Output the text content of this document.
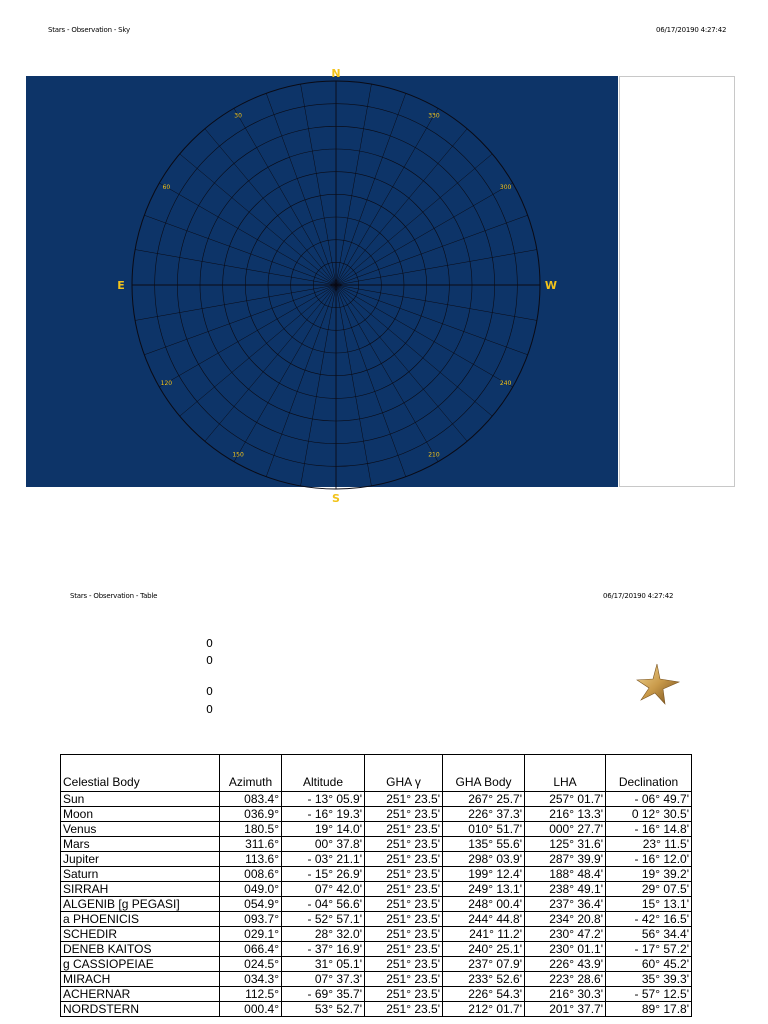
Stars - Observation - Sky	06/17/20190 4:27:42
N
E
S
W
30
60
120
150	210
240
300
330
Stars - Observation - Table	06/17/20190 4:27:42
0
0
0
0
Celestial Body	Azimuth	Altitude	GHA γ	GHA Body	LHA	Declination
Sun	083.4°	- 13° 05.9'	251° 23.5'	267° 25.7'	257° 01.7'	- 06° 49.7'
Moon	036.9°	- 16° 19.3'	251° 23.5'	226° 37.3'	216° 13.3'	0 12° 30.5'
Venus	180.5°	19° 14.0'	251° 23.5'	010° 51.7'	000° 27.7'	- 16° 14.8'
Mars	311.6°	00° 37.8'	251° 23.5'	135° 55.6'	125° 31.6'	23° 11.5'
Jupiter	113.6°	- 03° 21.1'	251° 23.5'	298° 03.9'	287° 39.9'	- 16° 12.0'
Saturn	008.6°	- 15° 26.9'	251° 23.5'	199° 12.4'	188° 48.4'	19° 39.2'
SIRRAH	049.0°	07° 42.0'	251° 23.5'	249° 13.1'	238° 49.1'	29° 07.5'
ALGENIB [g PEGASI]	054.9°	- 04° 56.6'	251° 23.5'	248° 00.4'	237° 36.4'	15° 13.1'
a PHOENICIS	093.7°	- 52° 57.1'	251° 23.5'	244° 44.8'	234° 20.8'	- 42° 16.5'
SCHEDIR	029.1°	28° 32.0'	251° 23.5'	241° 11.2'	230° 47.2'	56° 34.4'
DENEB KAITOS	066.4°	- 37° 16.9'	251° 23.5'	240° 25.1'	230° 01.1'	- 17° 57.2'
g CASSIOPEIAE	024.5°	31° 05.1'	251° 23.5'	237° 07.9'	226° 43.9'	60° 45.2'
MIRACH	034.3°	07° 37.3'	251° 23.5'	233° 52.6'	223° 28.6'	35° 39.3'
ACHERNAR	112.5°	- 69° 35.7'	251° 23.5'	226° 54.3'	216° 30.3'	- 57° 12.5'
NORDSTERN	000.4°	53° 52.7'	251° 23.5'	212° 01.7'	201° 37.7'	89° 17.8'
